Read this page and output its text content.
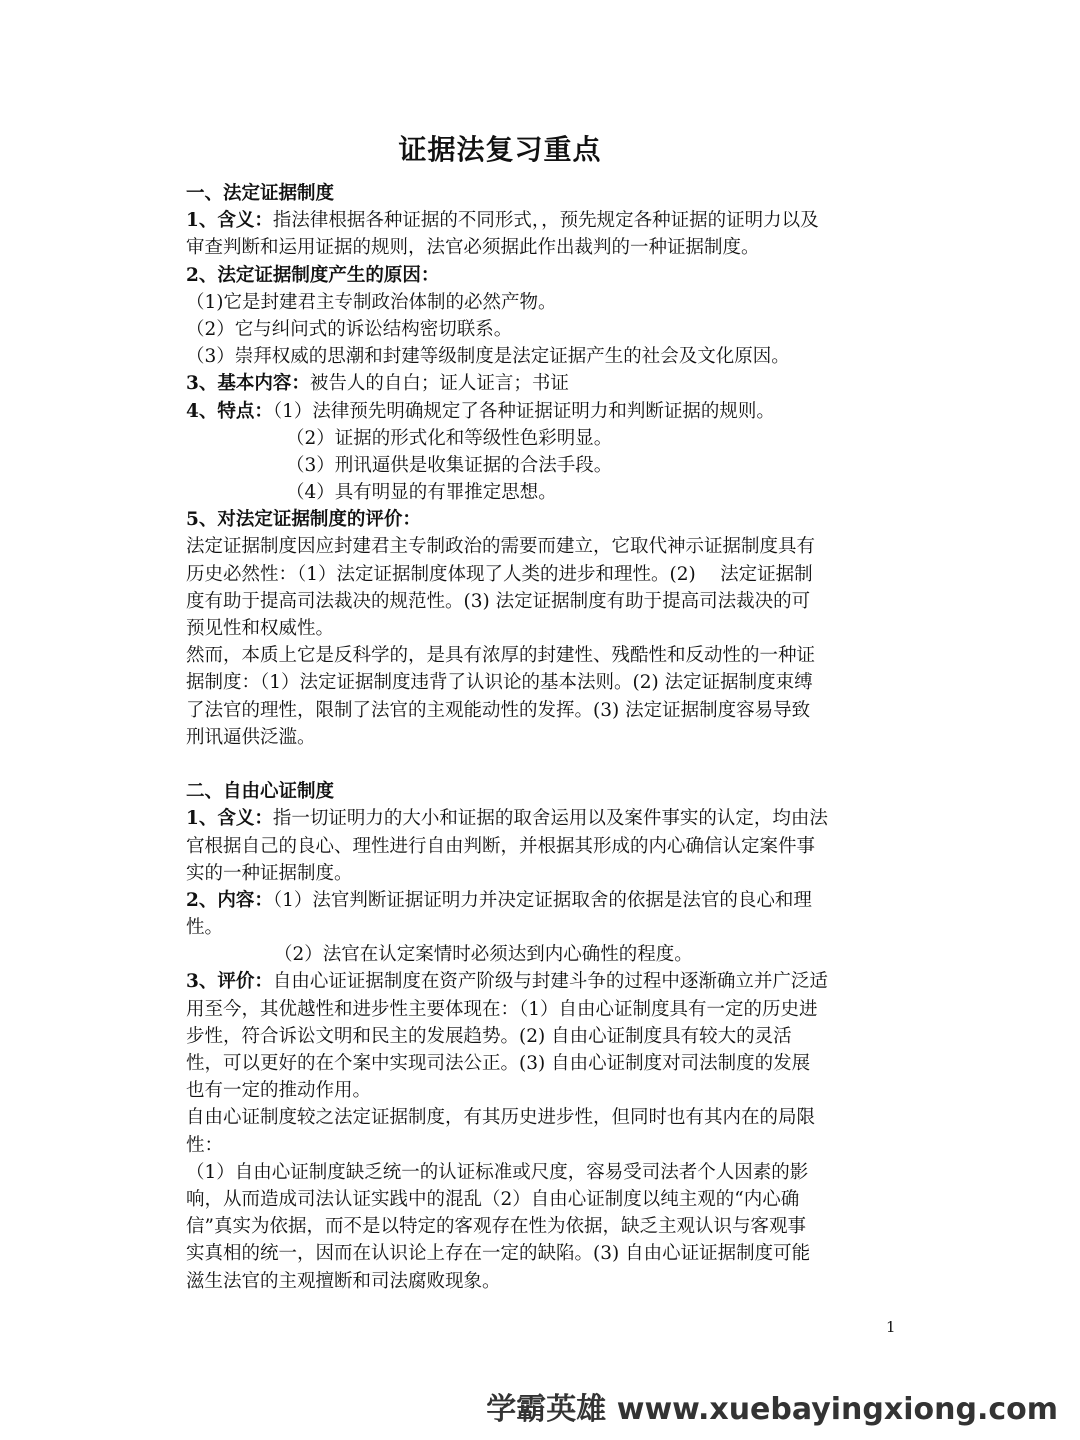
证据法复习重点
一、法定证据制度
1、含义：指法律根据各种证据的不同形式，，预先规定各种证据的证明力以及
审查判断和运用证据的规则，法官必须据此作出裁判的一种证据制度。
2、法定证据制度产生的原因：
（1)它是封建君主专制政治体制的必然产物。
（2）它与纠问式的诉讼结构密切联系。
（3）崇拜权威的思潮和封建等级制度是法定证据产生的社会及文化原因。
3、基本内容：被告人的自白；证人证言；书证
4、特点：（1）法律预先明确规定了各种证据证明力和判断证据的规则。
（2）证据的形式化和等级性色彩明显。
（3）刑讯逼供是收集证据的合法手段。
（4）具有明显的有罪推定思想。
5、对法定证据制度的评价：
法定证据制度因应封建君主专制政治的需要而建立，它取代神示证据制度具有
历史必然性：（1）法定证据制度体现了人类的进步和理性。(2)　 法定证据制
度有助于提高司法裁决的规范性。(3) 法定证据制度有助于提高司法裁决的可
预见性和权威性。
然而，本质上它是反科学的，是具有浓厚的封建性、残酷性和反动性的一种证
据制度：（1）法定证据制度违背了认识论的基本法则。(2) 法定证据制度束缚
了法官的理性，限制了法官的主观能动性的发挥。(3) 法定证据制度容易导致
刑讯逼供泛滥。
二、自由心证制度
1、含义：指一切证明力的大小和证据的取舍运用以及案件事实的认定，均由法
官根据自己的良心、理性进行自由判断，并根据其形成的内心确信认定案件事
实的一种证据制度。
2、内容：（1）法官判断证据证明力并决定证据取舍的依据是法官的良心和理
性。
（2）法官在认定案情时必须达到内心确性的程度。
3、评价：自由心证证据制度在资产阶级与封建斗争的过程中逐渐确立并广泛适
用至今，其优越性和进步性主要体现在：（1）自由心证制度具有一定的历史进
步性，符合诉讼文明和民主的发展趋势。(2) 自由心证制度具有较大的灵活
性，可以更好的在个案中实现司法公正。(3) 自由心证制度对司法制度的发展
也有一定的推动作用。
自由心证制度较之法定证据制度，有其历史进步性，但同时也有其内在的局限
性：
（1）自由心证制度缺乏统一的认证标准或尺度，容易受司法者个人因素的影
响，从而造成司法认证实践中的混乱（2）自由心证制度以纯主观的“内心确
信”真实为依据，而不是以特定的客观存在性为依据，缺乏主观认识与客观事
实真相的统一，因而在认识论上存在一定的缺陷。(3) 自由心证证据制度可能
滋生法官的主观擅断和司法腐败现象。
1
学霸英雄 www.xuebayingxiong.com
